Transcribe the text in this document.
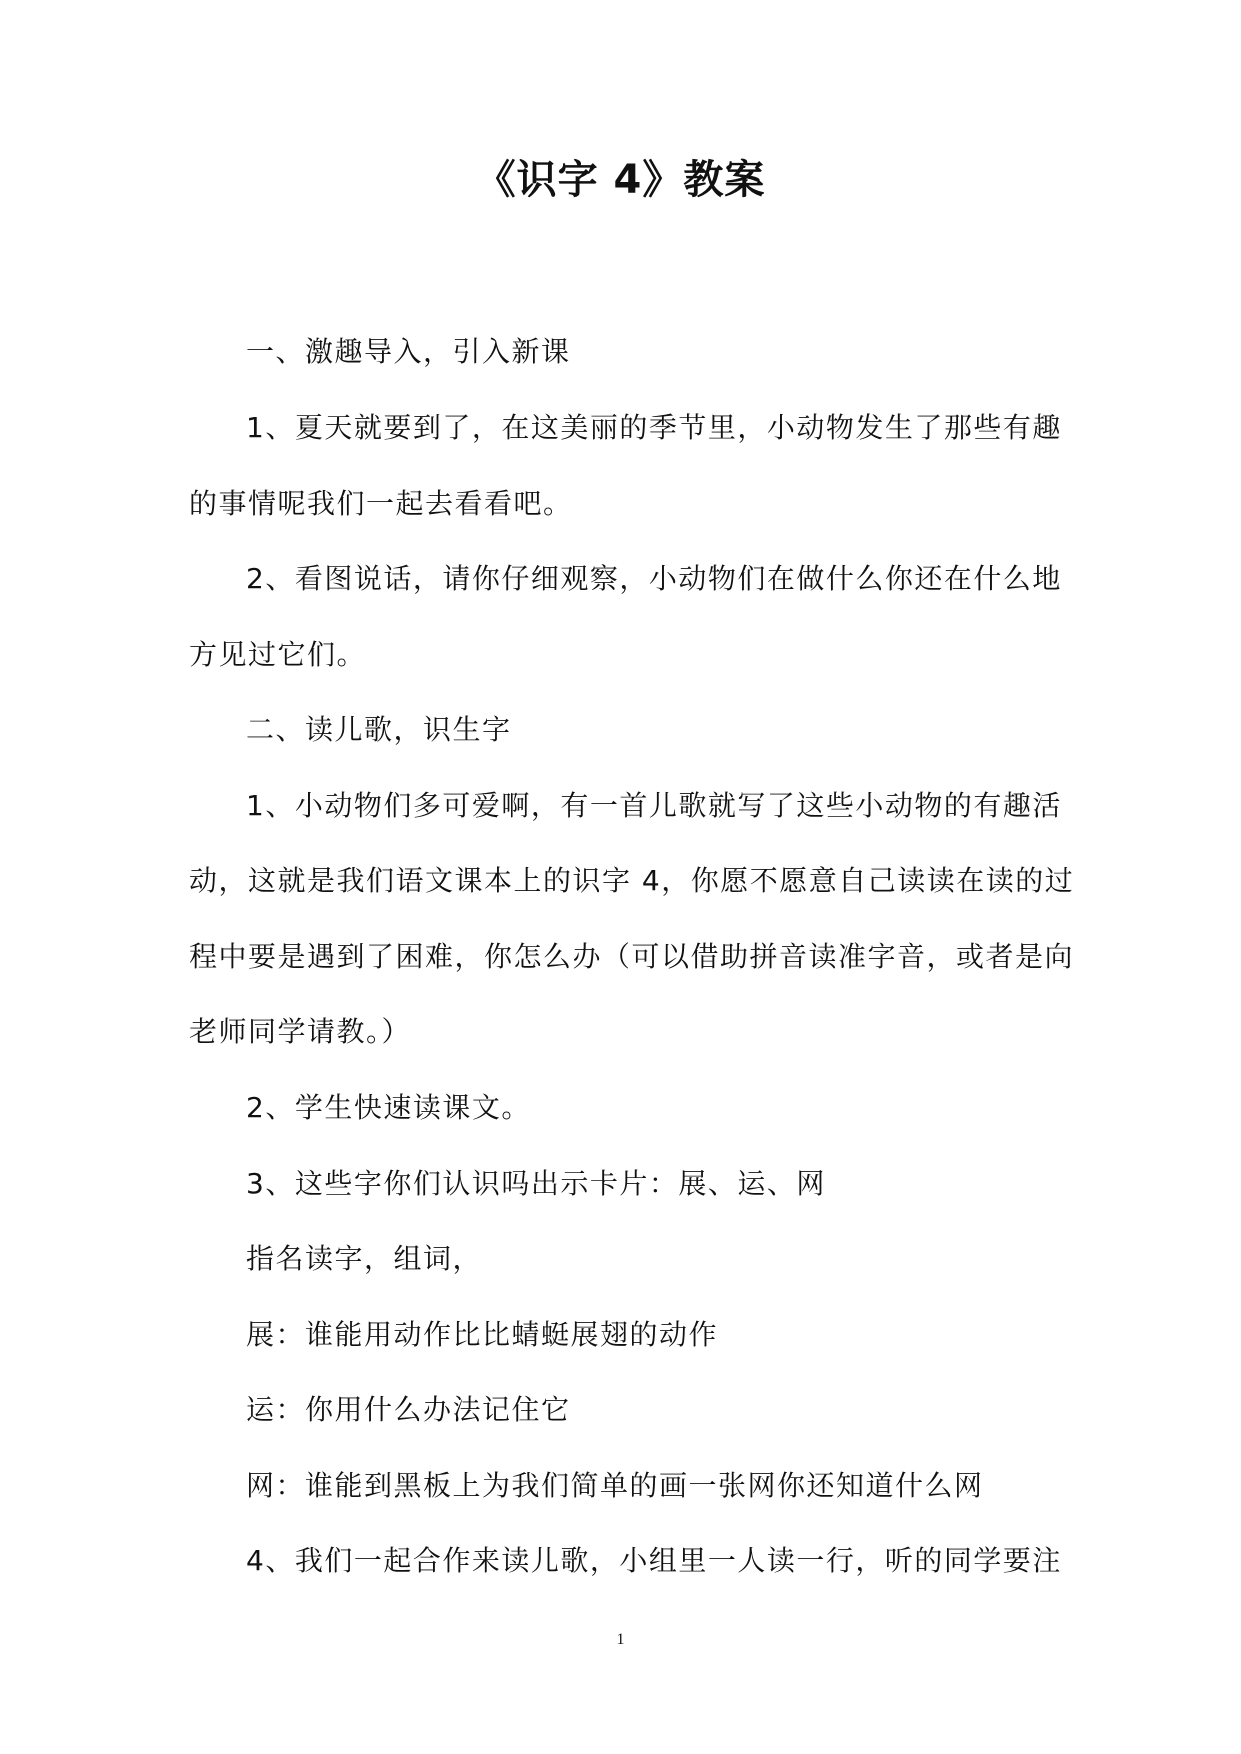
《识字 4》教案
一、激趣导入，引入新课
1、夏天就要到了，在这美丽的季节里，小动物发生了那些有趣
的事情呢我们一起去看看吧。
2、看图说话，请你仔细观察，小动物们在做什么你还在什么地
方见过它们。
二、读儿歌，识生字
1、小动物们多可爱啊，有一首儿歌就写了这些小动物的有趣活
动，这就是我们语文课本上的识字 4，你愿不愿意自己读读在读的过
程中要是遇到了困难，你怎么办（可以借助拼音读准字音，或者是向
老师同学请教。）
2、学生快速读课文。
3、这些字你们认识吗出示卡片：展、运、网
指名读字，组词，
展：谁能用动作比比蜻蜓展翅的动作
运：你用什么办法记住它
网：谁能到黑板上为我们简单的画一张网你还知道什么网
4、我们一起合作来读儿歌，小组里一人读一行，听的同学要注
1
